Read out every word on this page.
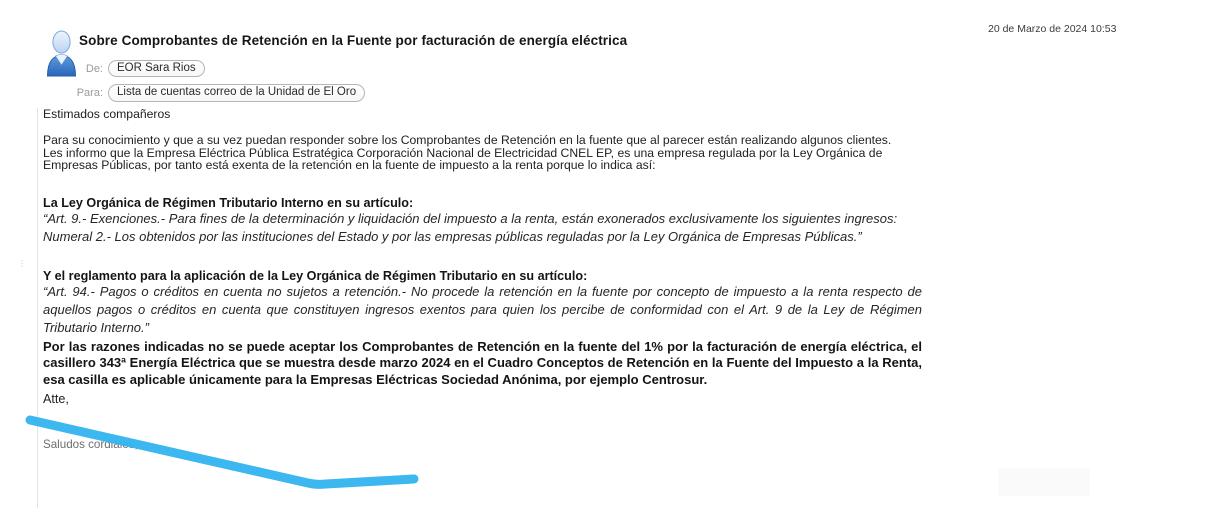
Sobre Comprobantes de Retención en la Fuente por facturación de energía eléctrica
20 de Marzo de 2024 10:53
De:	EOR Sara Rios
Para:	Lista de cuentas correo de la Unidad de El Oro
⋮
Estimados compañeros
Para su conocimiento y que a su vez puedan responder sobre los Comprobantes de Retención en la fuente que al parecer están realizando algunos clientes.
Les informo que la Empresa Eléctrica Pública Estratégica Corporación Nacional de Electricidad CNEL EP, es una empresa regulada por la Ley Orgánica de Empresas Públicas, por tanto está exenta de la retención en la fuente de impuesto a la renta porque lo indica así:
La Ley Orgánica de Régimen Tributario Interno en su artículo:
“Art. 9.- Exenciones.- Para fines de la determinación y liquidación del impuesto a la renta, están exonerados exclusivamente los siguientes ingresos:
Numeral 2.- Los obtenidos por las instituciones del Estado y por las empresas públicas reguladas por la Ley Orgánica de Empresas Públicas.”
Y el reglamento para la aplicación de la Ley Orgánica de Régimen Tributario en su artículo:
“Art. 94.- Pagos o créditos en cuenta no sujetos a retención.- No procede la retención en la fuente por concepto de impuesto a la renta respecto de aquellos pagos o créditos en cuenta que constituyen ingresos exentos para quien los percibe de conformidad con el Art. 9 de la Ley de Régimen Tributario Interno.”
Por las razones indicadas no se puede aceptar los Comprobantes de Retención en la fuente del 1% por la facturación de energía eléctrica, el casillero 343ª Energía Eléctrica que se muestra desde marzo 2024 en el Cuadro Conceptos de Retención en la Fuente del Impuesto a la Renta, esa casilla es aplicable únicamente para la Empresas Eléctricas Sociedad Anónima, por ejemplo Centrosur.
Atte,
Saludos cordiales,
